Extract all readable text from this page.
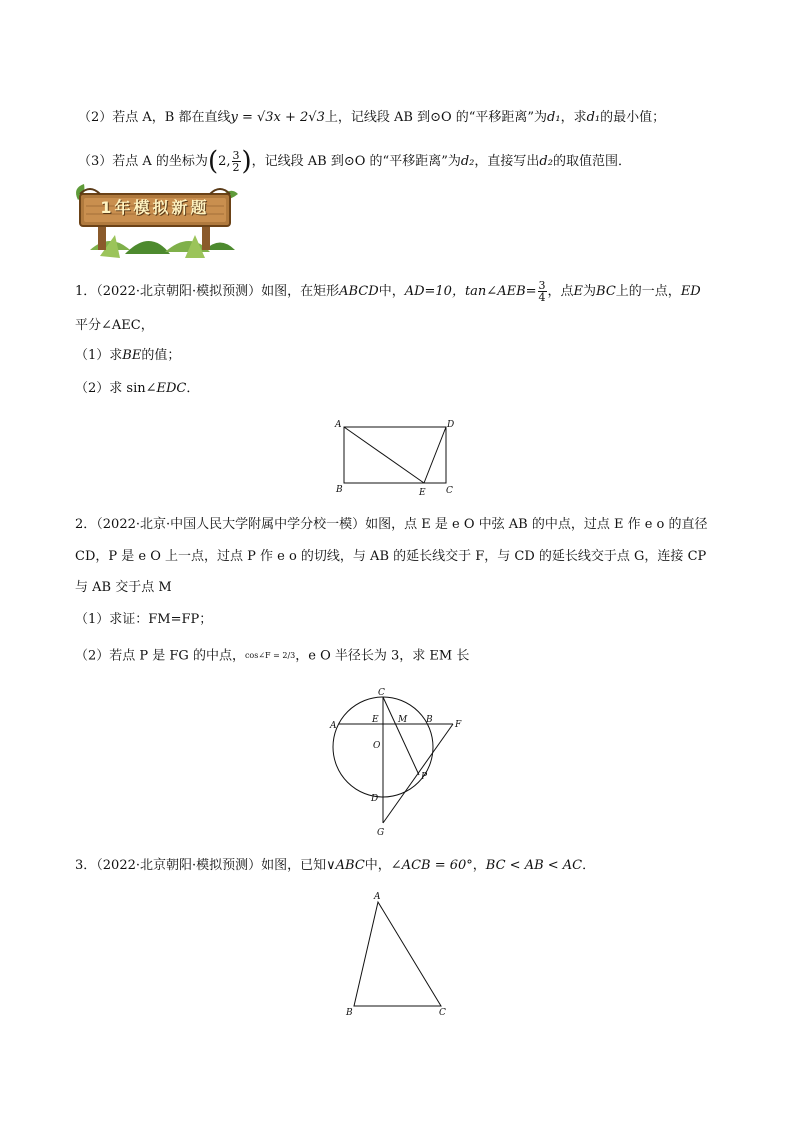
（2）若点 A，B 都在直线y = √3x + 2√3上，记线段 AB 到⊙O 的“平移距离”为d₁，求d₁的最小值；
（3）若点 A 的坐标为(2, $\frac{3}{2}$ )，记线段 AB 到⊙O 的“平移距离”为d₂，直接写出d₂的取值范围．
1年模拟新题
1．（2022·北京朝阳·模拟预测）如图，在矩形ABCD中，AD=10，tan∠AEB= $\frac{3}{4}$ ，点E为BC上的一点，ED
平分∠AEC，
（1）求BE的值；
（2）求 sin∠EDC．
A	D
B	E C
2．（2022·北京·中国人民大学附属中学分校一模）如图，点 E 是 e O 中弦 AB 的中点，过点 E 作 e o 的直径
CD，P 是 e O 上一点，过点 P 作 e o 的切线，与 AB 的延长线交于 F，与 CD 的延长线交于点 G，连接 CP
与 AB 交于点 M
（1）求证：FM=FP；
（2）若点 P 是 FG 的中点，cos∠F = 2/3，e O 半径长为 3，求 EM 长
C
A
E M B F
O
P
D
G
3．（2022·北京朝阳·模拟预测）如图，已知∨ABC中，∠ACB = 60°，BC < AB < AC．
A
B	C
